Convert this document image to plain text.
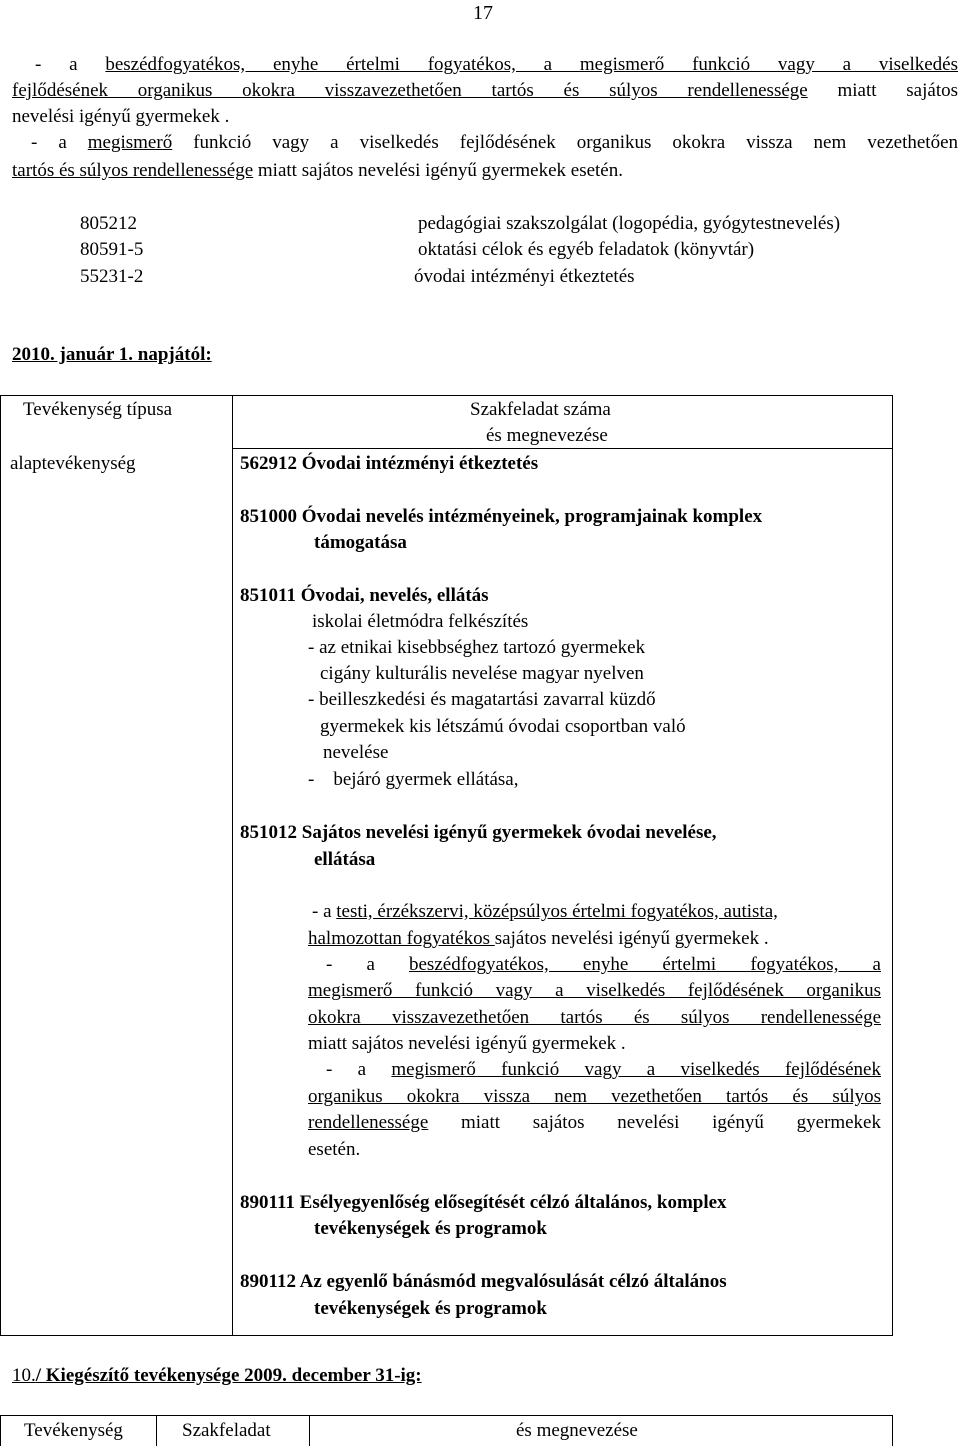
17
- a beszédfogyatékos, enyhe értelmi fogyatékos, a megismerő funkció vagy a viselkedés
fejlődésének organikus okokra visszavezethetően tartós és súlyos rendellenessége miatt sajátos
nevelési igényű gyermekek .
- a megismerő funkció vagy a viselkedés fejlődésének organikus okokra vissza nem vezethetően
tartós és súlyos rendellenessége miatt sajátos nevelési igényű gyermekek esetén.
805212	pedagógiai szakszolgálat (logopédia, gyógytestnevelés)
80591-5	oktatási célok és egyéb feladatok (könyvtár)
55231-2	óvodai intézményi étkeztetés
2010. január 1. napjától:
Tevékenység típusa	Szakfeladat száma
és megnevezése
alaptevékenység	562912 Óvodai intézményi étkeztetés
851000 Óvodai nevelés intézményeinek, programjainak komplex
támogatása
851011 Óvodai, nevelés, ellátás
iskolai életmódra felkészítés
- az etnikai kisebbséghez tartozó gyermekek
cigány kulturális nevelése magyar nyelven
- beilleszkedési és magatartási zavarral küzdő
gyermekek kis létszámú óvodai csoportban való
nevelése
-    bejáró gyermek ellátása,
851012 Sajátos nevelési igényű gyermekek óvodai nevelése,
ellátása
- a testi, érzékszervi, középsúlyos értelmi fogyatékos, autista,
halmozottan fogyatékos sajátos nevelési igényű gyermekek .
- a beszédfogyatékos, enyhe értelmi fogyatékos, a
megismerő funkció vagy a viselkedés fejlődésének organikus
okokra visszavezethetően tartós és súlyos rendellenessége
miatt sajátos nevelési igényű gyermekek .
- a megismerő funkció vagy a viselkedés fejlődésének
organikus okokra vissza nem vezethetően tartós és súlyos
rendellenessége miatt sajátos nevelési igényű gyermekek
esetén.
890111 Esélyegyenlőség elősegítését célzó általános, komplex
tevékenységek és programok
890112 Az egyenlő bánásmód megvalósulását célzó általános
tevékenységek és programok
10./ Kiegészítő tevékenysége 2009. december 31-ig:
Tevékenység	Szakfeladat	és megnevezése
